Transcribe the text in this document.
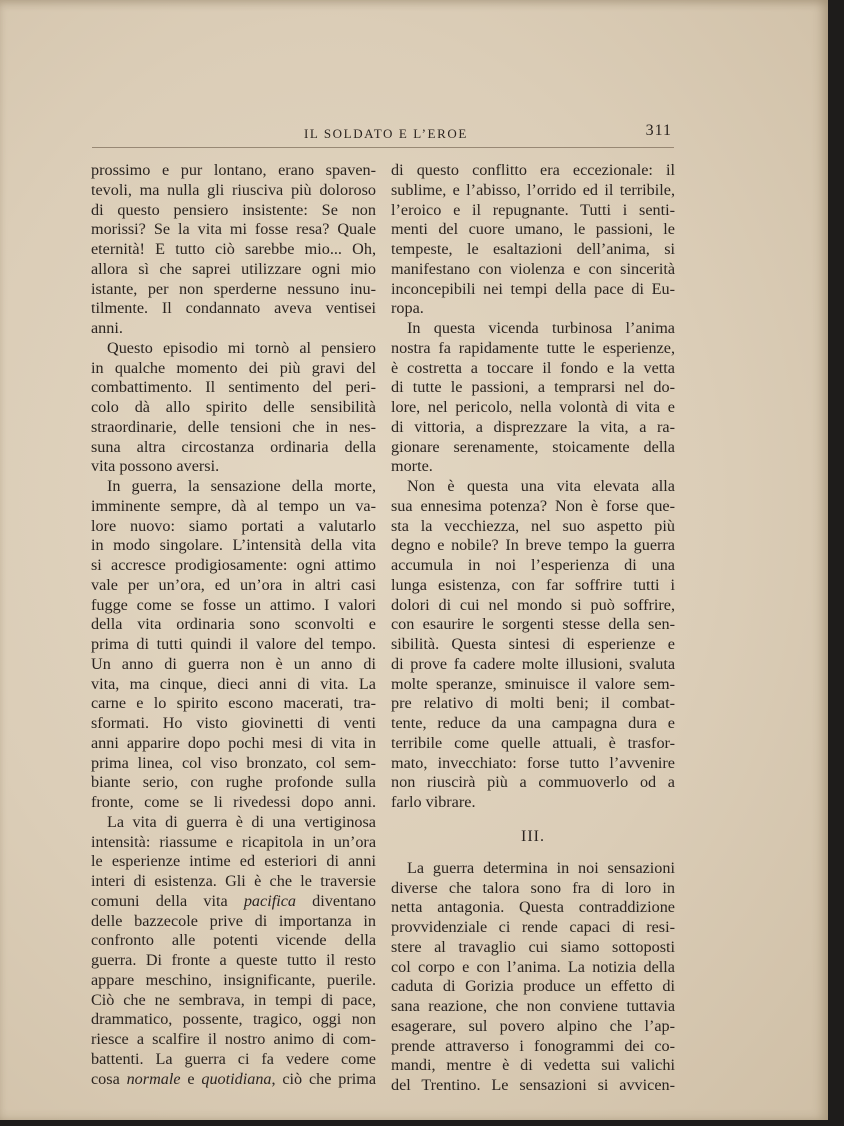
IL SOLDATO E L’EROE	311
prossimo e pur lontano, erano spaven-
tevoli, ma nulla gli riusciva più doloroso
di questo pensiero insistente: Se non
morissi? Se la vita mi fosse resa? Quale
eternità! E tutto ciò sarebbe mio... Oh,
allora sì che saprei utilizzare ogni mio
istante, per non sperderne nessuno inu-
tilmente. Il condannato aveva ventisei
anni.
Questo episodio mi tornò al pensiero
in qualche momento dei più gravi del
combattimento. Il sentimento del peri-
colo dà allo spirito delle sensibilità
straordinarie, delle tensioni che in nes-
suna altra circostanza ordinaria della
vita possono aversi.
In guerra, la sensazione della morte,
imminente sempre, dà al tempo un va-
lore nuovo: siamo portati a valutarlo
in modo singolare. L’intensità della vita
si accresce prodigiosamente: ogni attimo
vale per un’ora, ed un’ora in altri casi
fugge come se fosse un attimo. I valori
della vita ordinaria sono sconvolti e
prima di tutti quindi il valore del tempo.
Un anno di guerra non è un anno di
vita, ma cinque, dieci anni di vita. La
carne e lo spirito escono macerati, tra-
sformati. Ho visto giovinetti di venti
anni apparire dopo pochi mesi di vita in
prima linea, col viso bronzato, col sem-
biante serio, con rughe profonde sulla
fronte, come se li rivedessi dopo anni.
La vita di guerra è di una vertiginosa
intensità: riassume e ricapitola in un’ora
le esperienze intime ed esteriori di anni
interi di esistenza. Gli è che le traversie
comuni della vita pacifica diventano
delle bazzecole prive di importanza in
confronto alle potenti vicende della
guerra. Di fronte a queste tutto il resto
appare meschino, insignificante, puerile.
Ciò che ne sembrava, in tempi di pace,
drammatico, possente, tragico, oggi non
riesce a scalfire il nostro animo di com-
battenti. La guerra ci fa vedere come
cosa normale e quotidiana, ciò che prima
di questo conflitto era eccezionale: il
sublime, e l’abisso, l’orrido ed il terribile,
l’eroico e il repugnante. Tutti i senti-
menti del cuore umano, le passioni, le
tempeste, le esaltazioni dell’anima, si
manifestano con violenza e con sincerità
inconcepibili nei tempi della pace di Eu-
ropa.
In questa vicenda turbinosa l’anima
nostra fa rapidamente tutte le esperienze,
è costretta a toccare il fondo e la vetta
di tutte le passioni, a temprarsi nel do-
lore, nel pericolo, nella volontà di vita e
di vittoria, a disprezzare la vita, a ra-
gionare serenamente, stoicamente della
morte.
Non è questa una vita elevata alla
sua ennesima potenza? Non è forse que-
sta la vecchiezza, nel suo aspetto più
degno e nobile? In breve tempo la guerra
accumula in noi l’esperienza di una
lunga esistenza, con far soffrire tutti i
dolori di cui nel mondo si può soffrire,
con esaurire le sorgenti stesse della sen-
sibilità. Questa sintesi di esperienze e
di prove fa cadere molte illusioni, svaluta
molte speranze, sminuisce il valore sem-
pre relativo di molti beni; il combat-
tente, reduce da una campagna dura e
terribile come quelle attuali, è trasfor-
mato, invecchiato: forse tutto l’avvenire
non riuscirà più a commuoverlo od a
farlo vibrare.
III.
La guerra determina in noi sensazioni
diverse che talora sono fra di loro in
netta antagonia. Questa contraddizione
provvidenziale ci rende capaci di resi-
stere al travaglio cui siamo sottoposti
col corpo e con l’anima. La notizia della
caduta di Gorizia produce un effetto di
sana reazione, che non conviene tuttavia
esagerare, sul povero alpino che l’ap-
prende attraverso i fonogrammi dei co-
mandi, mentre è di vedetta sui valichi
del Trentino. Le sensazioni si avvicen-
